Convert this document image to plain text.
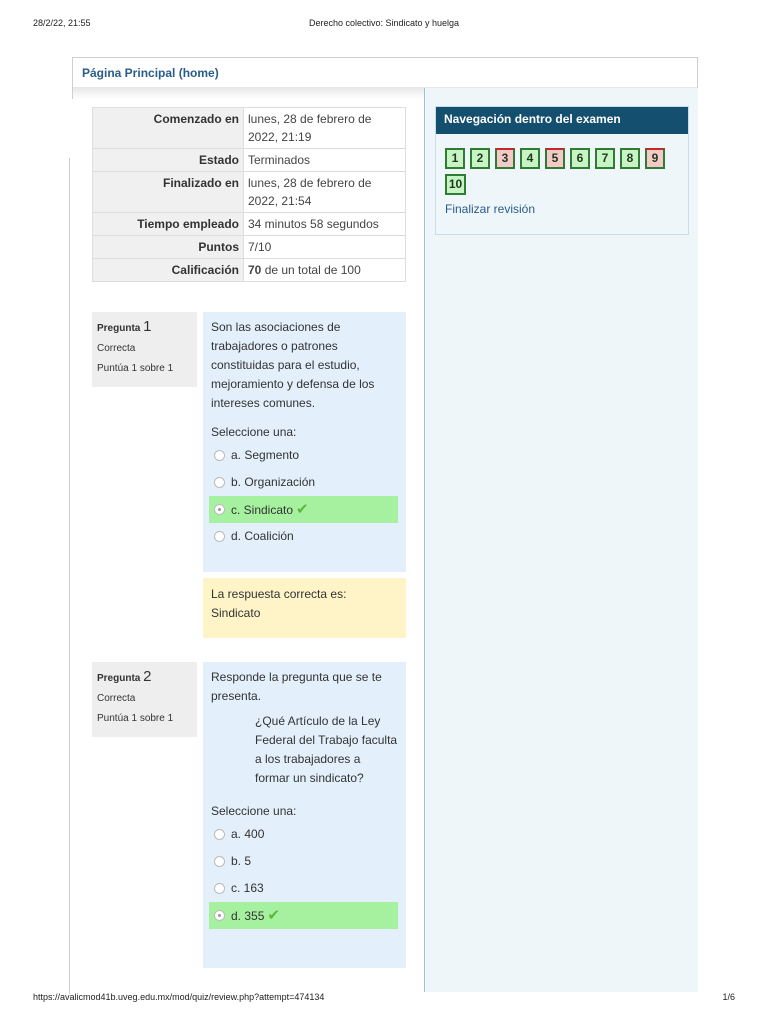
28/2/22, 21:55	Derecho colectivo: Sindicato y huelga
Página Principal (home)
Comenzado en	lunes, 28 de febrero de 2022, 21:19
Estado	Terminados
Finalizado en	lunes, 28 de febrero de 2022, 21:54
Tiempo empleado	34 minutos 58 segundos
Puntos	7/10
Calificación	70 de un total de 100
Pregunta 1
Correcta
Puntúa 1 sobre 1
Son las asociaciones de trabajadores o patrones constituidas para el estudio, mejoramiento y defensa de los intereses comunes.
Seleccione una:
a. Segmento
b. Organización
c. Sindicato ✔
d. Coalición
La respuesta correcta es: Sindicato
Pregunta 2
Correcta
Puntúa 1 sobre 1
Responde la pregunta que se te presenta.
¿Qué Artículo de la Ley Federal del Trabajo faculta a los trabajadores a formar un sindicato?
Seleccione una:
a. 400
b. 5
c. 163
d. 355 ✔
Navegación dentro del examen
1	2	3	4	5	6	7	8	9
10
Finalizar revisión
https://avalicmod41b.uveg.edu.mx/mod/quiz/review.php?attempt=474134	1/6
